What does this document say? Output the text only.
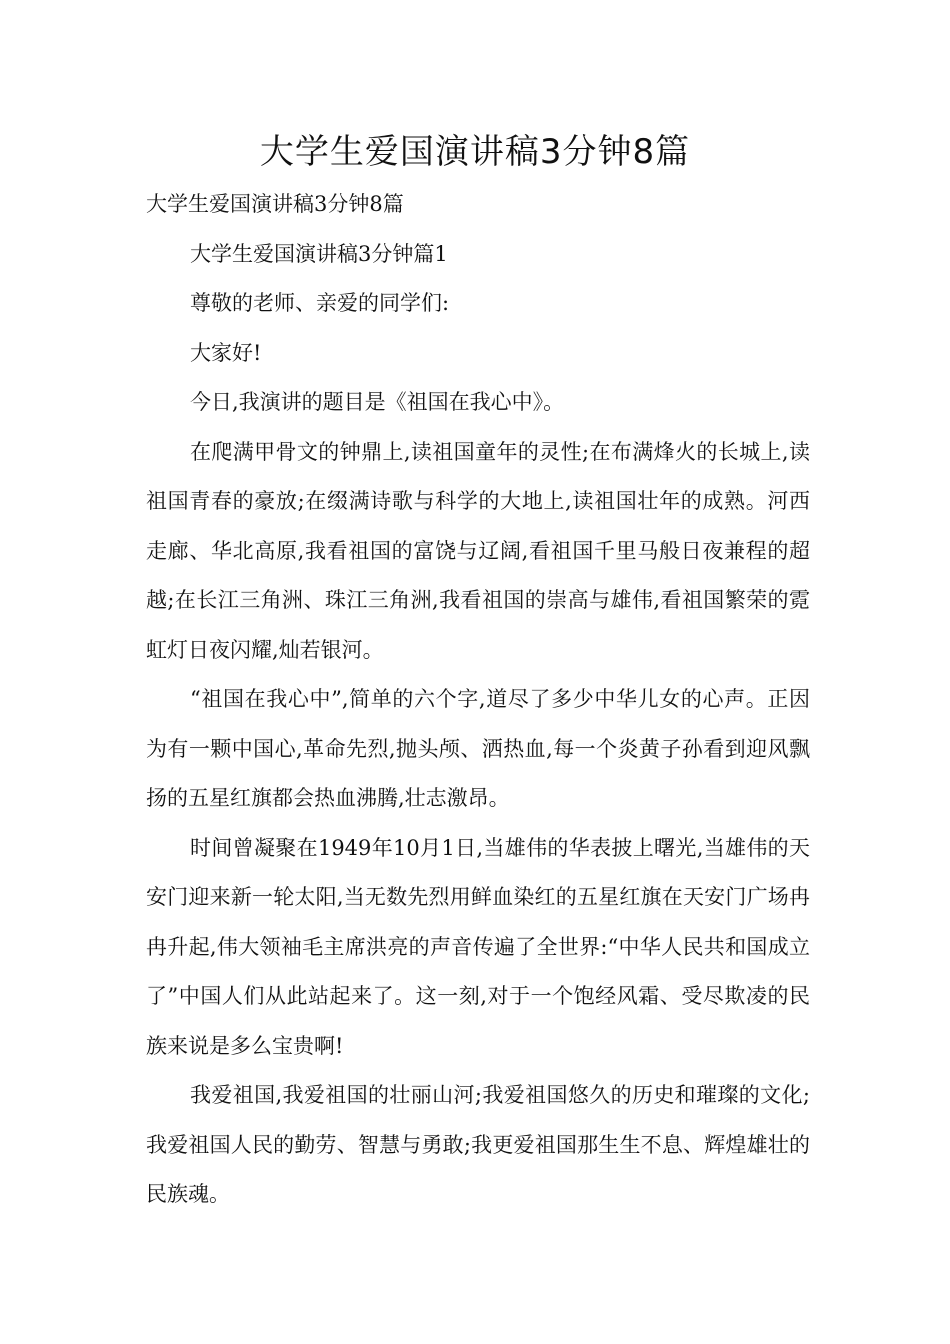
大学生爱国演讲稿3分钟8篇

大学生爱国演讲稿3分钟8篇

大学生爱国演讲稿3分钟篇1

尊敬的老师、亲爱的同学们:

大家好!

今日,我演讲的题目是《祖国在我心中》。

在爬满甲骨文的钟鼎上,读祖国童年的灵性;在布满烽火的长城上,读祖国青春的豪放;在缀满诗歌与科学的大地上,读祖国壮年的成熟。河西走廊、华北高原,我看祖国的富饶与辽阔,看祖国千里马般日夜兼程的超越;在长江三角洲、珠江三角洲,我看祖国的崇高与雄伟,看祖国繁荣的霓虹灯日夜闪耀,灿若银河。

“祖国在我心中”,简单的六个字,道尽了多少中华儿女的心声。正因为有一颗中国心,革命先烈,抛头颅、洒热血,每一个炎黄子孙看到迎风飘扬的五星红旗都会热血沸腾,壮志激昂。

时间曾凝聚在1949年10月1日,当雄伟的华表披上曙光,当雄伟的天安门迎来新一轮太阳,当无数先烈用鲜血染红的五星红旗在天安门广场冉冉升起,伟大领袖毛主席洪亮的声音传遍了全世界:“中华人民共和国成立了”中国人们从此站起来了。这一刻,对于一个饱经风霜、受尽欺凌的民族来说是多么宝贵啊!

我爱祖国,我爱祖国的壮丽山河;我爱祖国悠久的历史和璀璨的文化;我爱祖国人民的勤劳、智慧与勇敢;我更爱祖国那生生不息、辉煌雄壮的民族魂。
